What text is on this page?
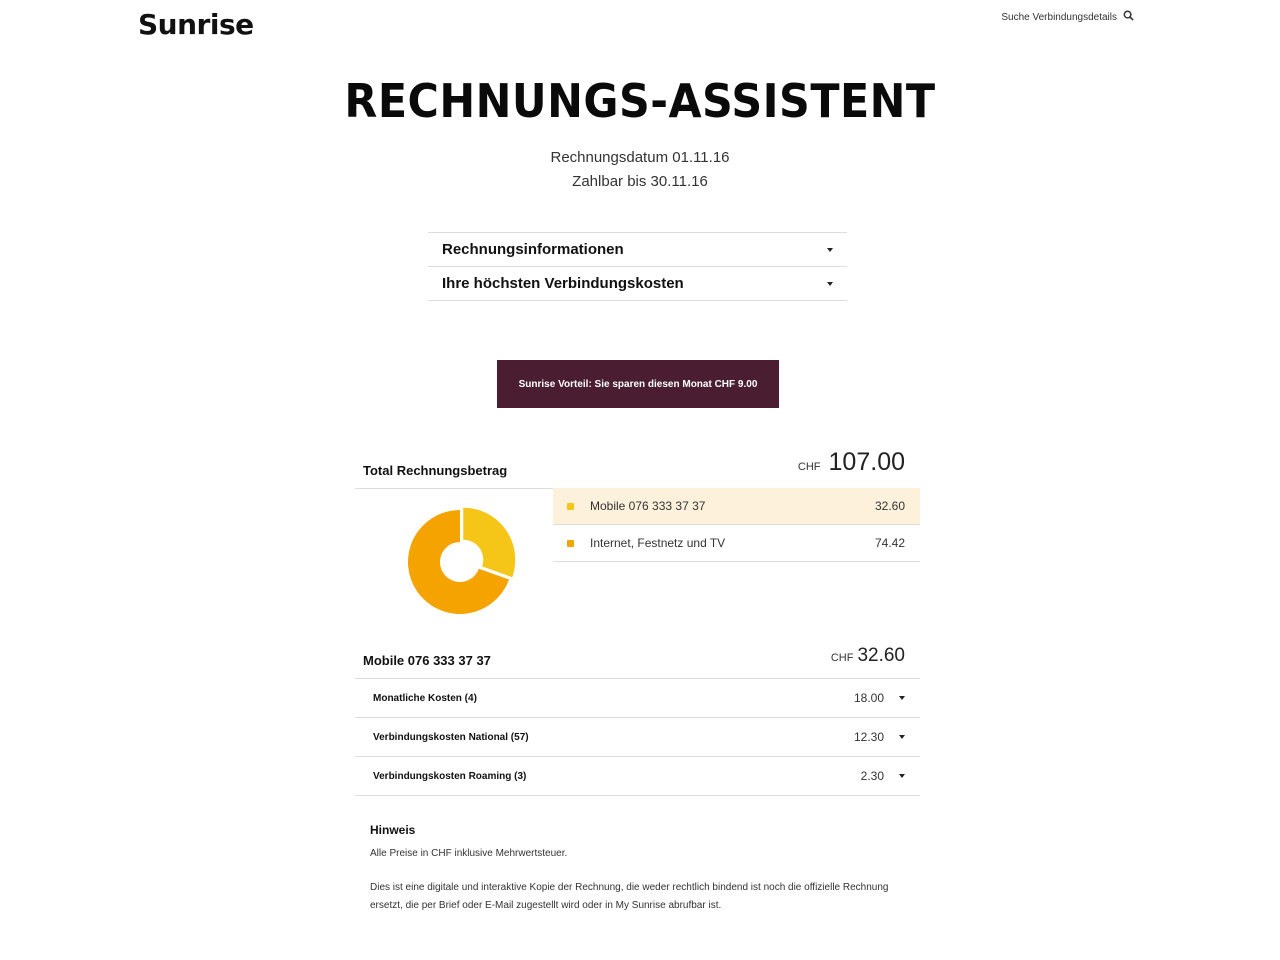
Sunrise	Suche Verbindungsdetails
RECHNUNGS-ASSISTENT
Rechnungsdatum 01.11.16
Zahlbar bis 30.11.16
Rechnungsinformationen
Ihre höchsten Verbindungskosten
Sunrise Vorteil: Sie sparen diesen Monat CHF 9.00
Total Rechnungsbetrag	CHF 107.00
Mobile 076 333 37 37	32.60
Internet, Festnetz und TV	74.42
Mobile 076 333 37 37	CHF 32.60
Monatliche Kosten (4)	18.00
Verbindungskosten National (57)	12.30
Verbindungskosten Roaming (3)	2.30
Hinweis

Alle Preise in CHF inklusive Mehrwertsteuer.

Dies ist eine digitale und interaktive Kopie der Rechnung, die weder rechtlich bindend ist noch die offizielle Rechnung ersetzt, die per Brief oder E-Mail zugestellt wird oder in My Sunrise abrufbar ist.
